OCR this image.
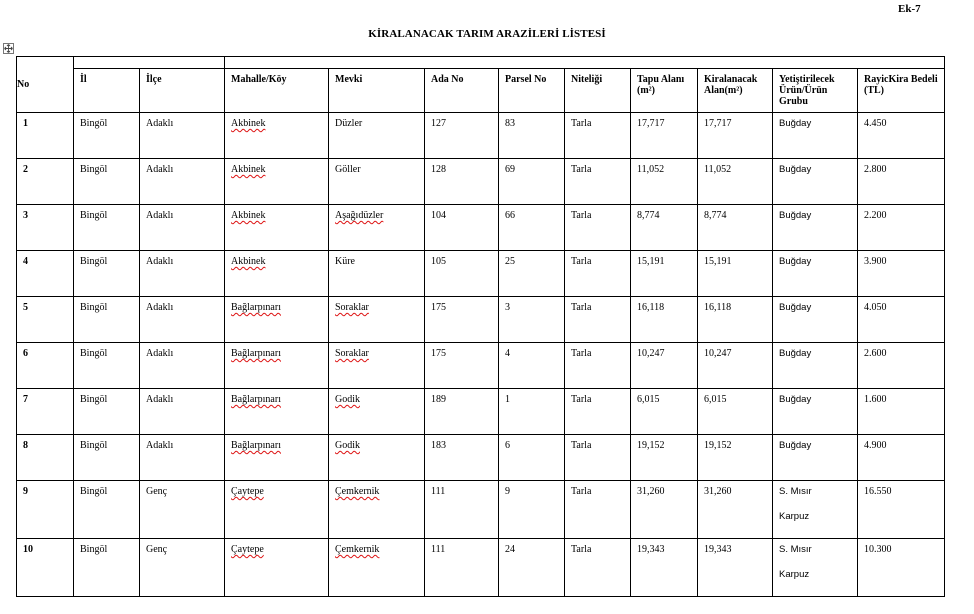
Ek-7
KİRALANACAK TARIM ARAZİLERİ LİSTESİ
No											
	İl	İlçe	Mahalle/Köy	Mevki	Ada No	Parsel No	Niteliği	Tapu Alanı (m²)	Kiralanacak Alan(m²)	Yetiştirilecek Ürün/Ürün Grubu	RayicKira Bedeli (TL)
1	Bingöl	Adaklı	Akbinek	Düzler	127	83	Tarla	17,717	17,717	Buğday	4.450
2	Bingöl	Adaklı	Akbinek	Göller	128	69	Tarla	11,052	11,052	Buğday	2.800
3	Bingöl	Adaklı	Akbinek	Aşağıdüzler	104	66	Tarla	8,774	8,774	Buğday	2.200
4	Bingöl	Adaklı	Akbinek	Küre	105	25	Tarla	15,191	15,191	Buğday	3.900
5	Bingöl	Adaklı	Bağlarpınarı	Soraklar	175	3	Tarla	16,118	16,118	Buğday	4.050
6	Bingöl	Adaklı	Bağlarpınarı	Soraklar	175	4	Tarla	10,247	10,247	Buğday	2.600
7	Bingöl	Adaklı	Bağlarpınarı	Godik	189	1	Tarla	6,015	6,015	Buğday	1.600
8	Bingöl	Adaklı	Bağlarpınarı	Godik	183	6	Tarla	19,152	19,152	Buğday	4.900
9	Bingöl	Genç	Çaytepe	Çemkernik	111	9	Tarla	31,260	31,260	S. Mısır
Karpuz	16.550
10	Bingöl	Genç	Çaytepe	Çemkernik	111	24	Tarla	19,343	19,343	S. Mısır
Karpuz	10.300
